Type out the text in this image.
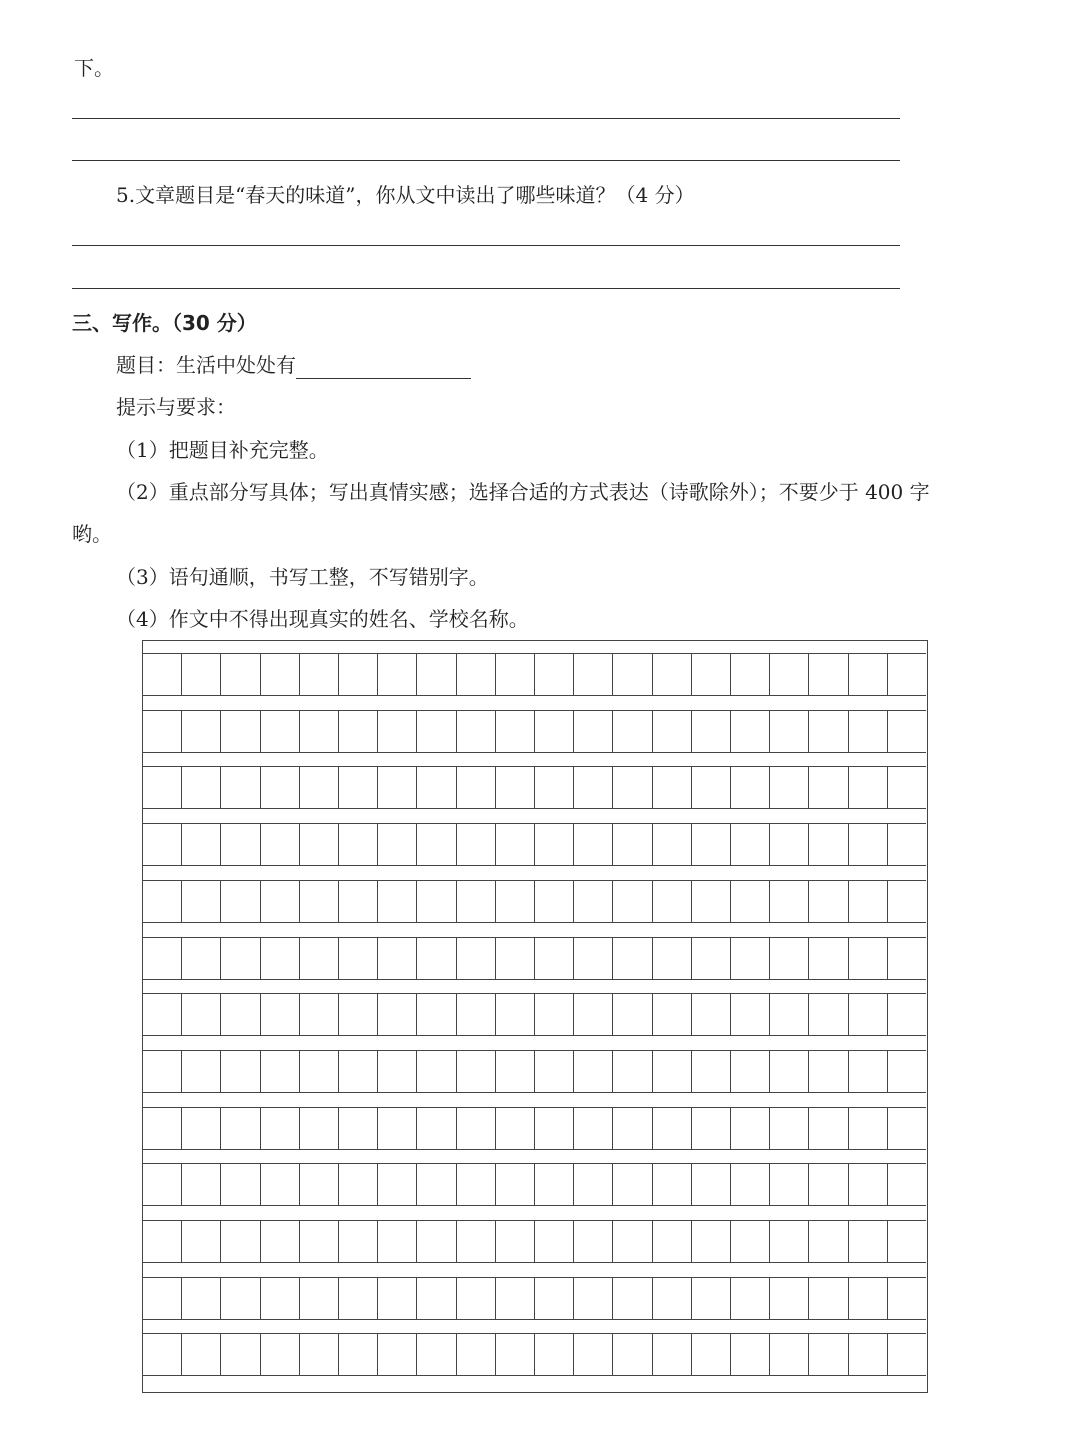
下。
5.文章题目是“春天的味道”，你从文中读出了哪些味道？（4 分）
三、写作。（30 分）
题目：生活中处处有
提示与要求：
（1）把题目补充完整。
（2）重点部分写具体；写出真情实感；选择合适的方式表达（诗歌除外）；不要少于 400 字
哟。
（3）语句通顺，书写工整，不写错别字。
（4）作文中不得出现真实的姓名、学校名称。
